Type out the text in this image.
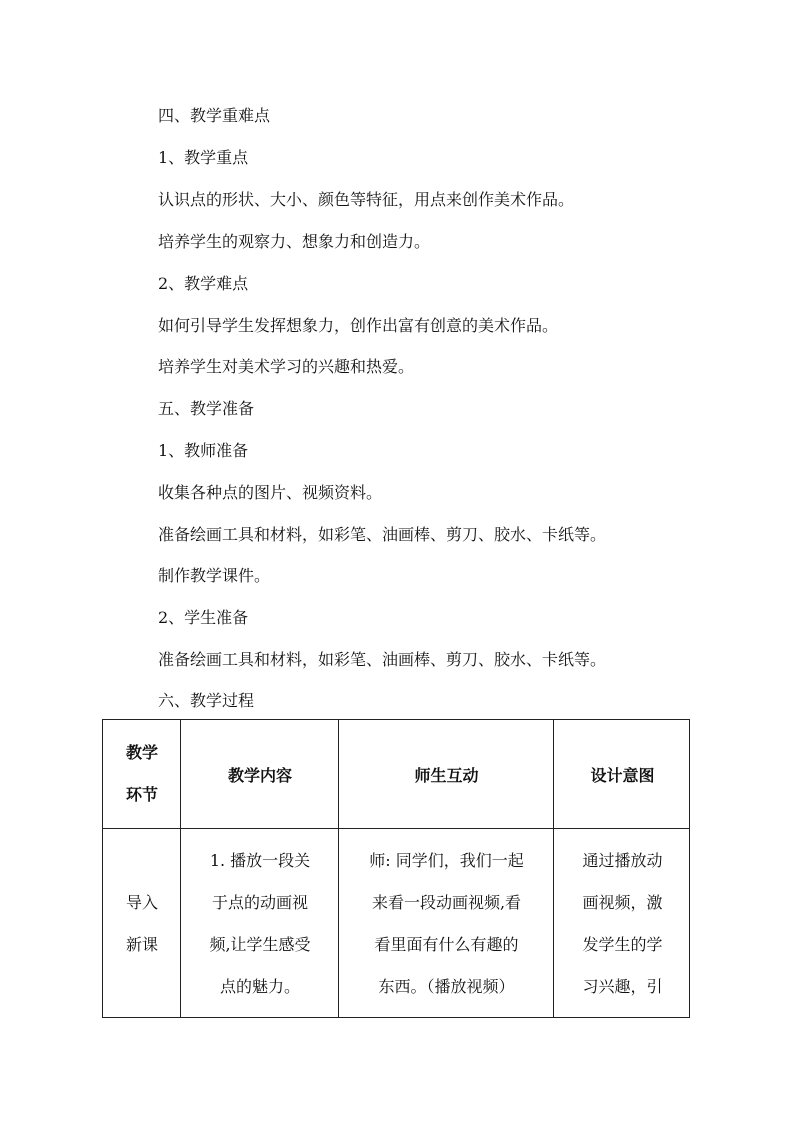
四、教学重难点
1、教学重点
认识点的形状、大小、颜色等特征，用点来创作美术作品。
培养学生的观察力、想象力和创造力。
2、教学难点
如何引导学生发挥想象力，创作出富有创意的美术作品。
培养学生对美术学习的兴趣和热爱。
五、教学准备
1、教师准备
收集各种点的图片、视频资料。
准备绘画工具和材料，如彩笔、油画棒、剪刀、胶水、卡纸等。
制作教学课件。
2、学生准备
准备绘画工具和材料，如彩笔、油画棒、剪刀、胶水、卡纸等。
六、教学过程
教学
环节
教学内容	师生互动	设计意图
导入
新课
1. 播放一段关
于点的动画视
频,让学生感受
点的魅力。
师: 同学们，我们一起
来看一段动画视频,看
看里面有什么有趣的
东西。（播放视频）
通过播放动
画视频，激
发学生的学
习兴趣，引
